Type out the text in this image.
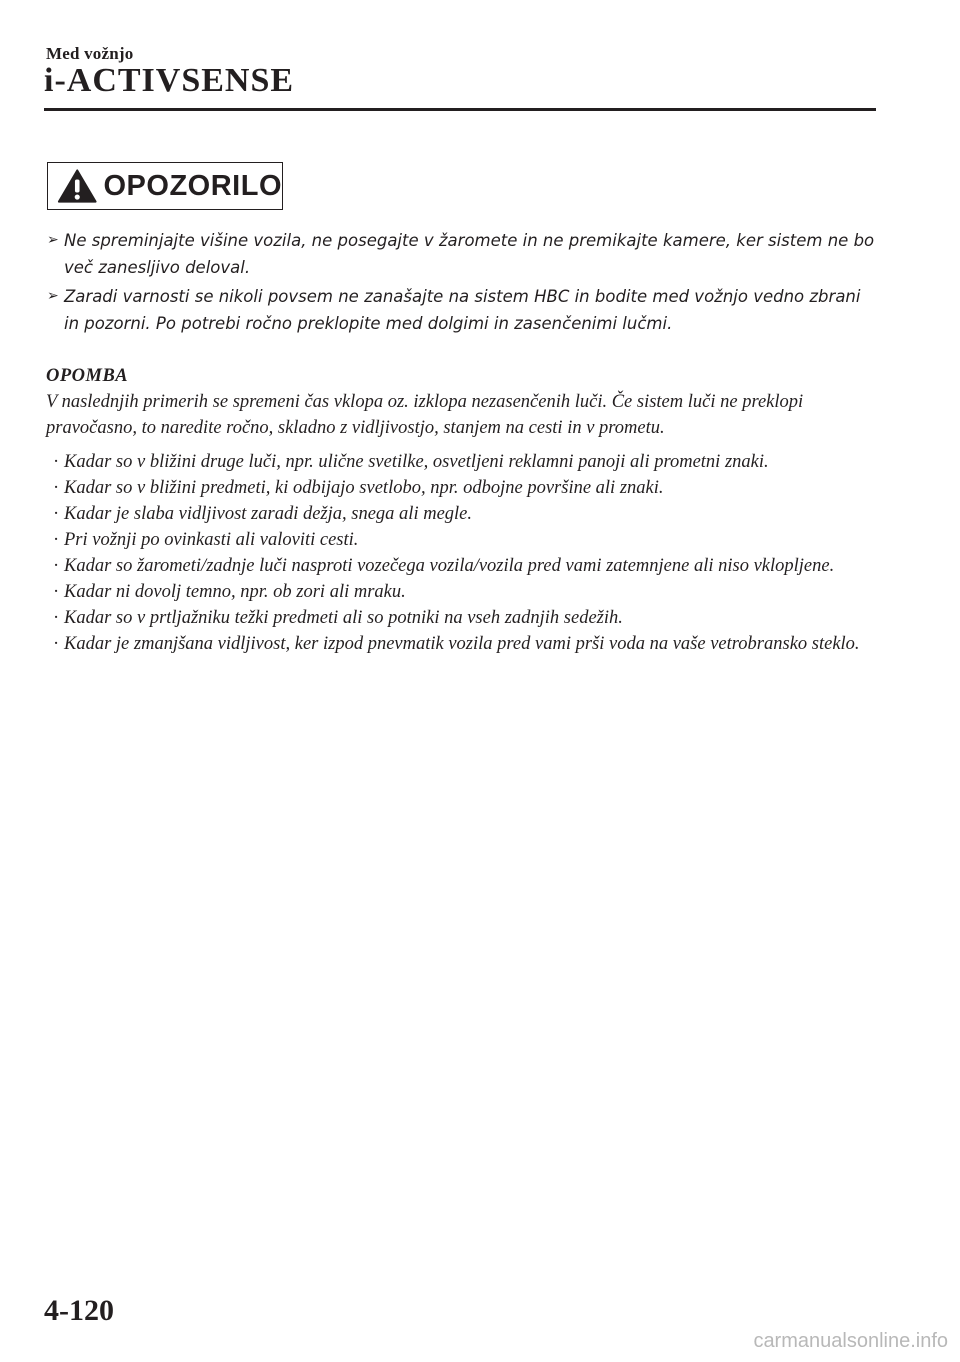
Med vožnjo
i-ACTIVSENSE
OPOZORILO
➢ Ne spreminjajte višine vozila, ne posegajte v žaromete in ne premikajte kamere, ker sistem ne bo več zanesljivo deloval.
➢ Zaradi varnosti se nikoli povsem ne zanašajte na sistem HBC in bodite med vožnjo vedno zbrani in pozorni. Po potrebi ročno preklopite med dolgimi in zasenčenimi lučmi.
OPOMBA

V naslednjih primerih se spremeni čas vklopa oz. izklopa nezasenčenih luči. Če sistem luči ne preklopi pravočasno, to naredite ročno, skladno z vidljivostjo, stanjem na cesti in v prometu.

· Kadar so v bližini druge luči, npr. ulične svetilke, osvetljeni reklamni panoji ali prometni znaki.
· Kadar so v bližini predmeti, ki odbijajo svetlobo, npr. odbojne površine ali znaki.
· Kadar je slaba vidljivost zaradi dežja, snega ali megle.
· Pri vožnji po ovinkasti ali valoviti cesti.
· Kadar so žarometi/zadnje luči nasproti vozečega vozila/vozila pred vami zatemnjene ali niso vklopljene.
· Kadar ni dovolj temno, npr. ob zori ali mraku.
· Kadar so v prtljažniku težki predmeti ali so potniki na vseh zadnjih sedežih.
· Kadar je zmanjšana vidljivost, ker izpod pnevmatik vozila pred vami prši voda na vaše vetrobransko steklo.
4-120
carmanualsonline.info
